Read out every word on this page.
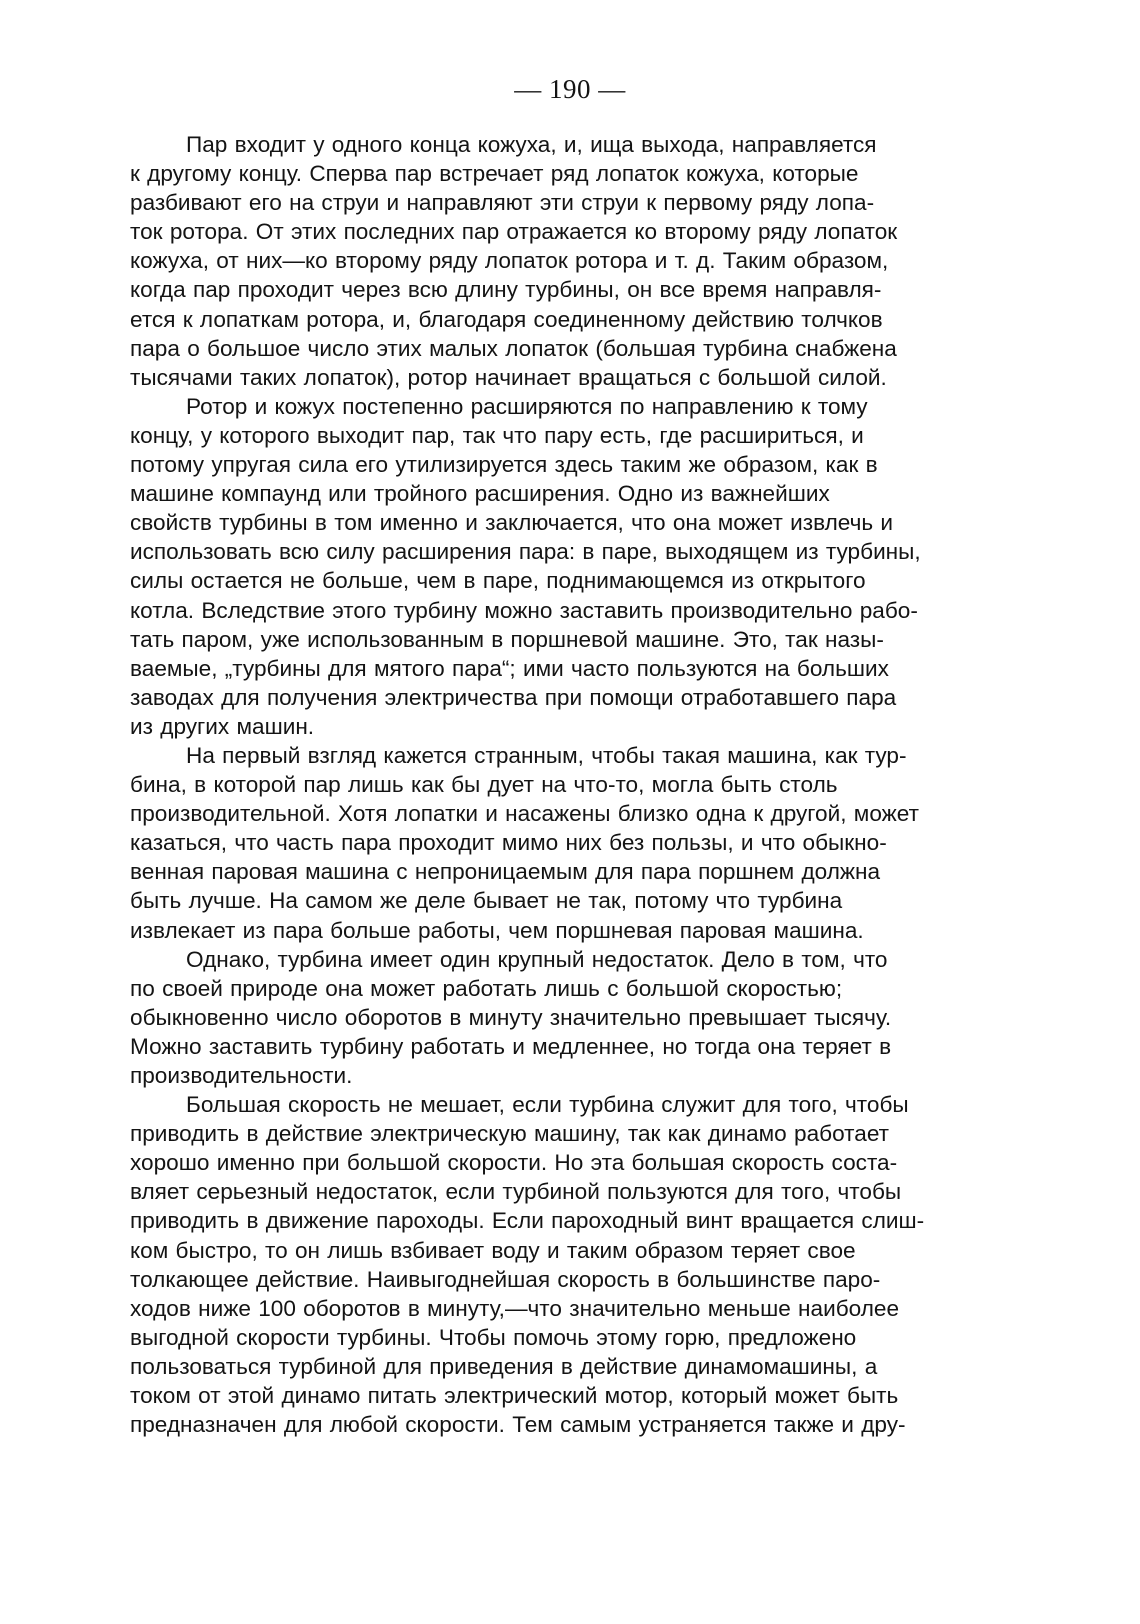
— 190 —
Пар входит у одного конца кожуха, и, ища выхода, направляется
к другому концу. Сперва пар встречает ряд лопаток кожуха, которые
разбивают его на струи и направляют эти струи к первому ряду лопа-
ток ротора. От этих последних пар отражается ко второму ряду лопаток
кожуха, от них—ко второму ряду лопаток ротора и т. д. Таким образом,
когда пар проходит через всю длину турбины, он все время направля-
ется к лопаткам ротора, и, благодаря соединенному действию толчков
пара о большое число этих малых лопаток (большая турбина снабжена
тысячами таких лопаток), ротор начинает вращаться с большой силой.
Ротор и кожух постепенно расширяются по направлению к тому
концу, у которого выходит пар, так что пару есть, где расшириться, и
потому упругая сила его утилизируется здесь таким же образом, как в
машине компаунд или тройного расширения. Одно из важнейших
свойств турбины в том именно и заключается, что она может извлечь и
использовать всю силу расширения пара: в паре, выходящем из турбины,
силы остается не больше, чем в паре, поднимающемся из открытого
котла. Вследствие этого турбину можно заставить производительно рабо-
тать паром, уже использованным в поршневой машине. Это, так назы-
ваемые, „турбины для мятого пара“; ими часто пользуются на больших
заводах для получения электричества при помощи отработавшего пара
из других машин.
На первый взгляд кажется странным, чтобы такая машина, как тур-
бина, в которой пар лишь как бы дует на что-то, могла быть столь
производительной. Хотя лопатки и насажены близко одна к другой, может
казаться, что часть пара проходит мимо них без пользы, и что обыкно-
венная паровая машина с непроницаемым для пара поршнем должна
быть лучше. На самом же деле бывает не так, потому что турбина
извлекает из пара больше работы, чем поршневая паровая машина.
Однако, турбина имеет один крупный недостаток. Дело в том, что
по своей природе она может работать лишь с большой скоростью;
обыкновенно число оборотов в минуту значительно превышает тысячу.
Можно заставить турбину работать и медленнее, но тогда она теряет в
производительности.
Большая скорость не мешает, если турбина служит для того, чтобы
приводить в действие электрическую машину, так как динамо работает
хорошо именно при большой скорости. Но эта большая скорость соста-
вляет серьезный недостаток, если турбиной пользуются для того, чтобы
приводить в движение пароходы. Если пароходный винт вращается слиш-
ком быстро, то он лишь взбивает воду и таким образом теряет свое
толкающее действие. Наивыгоднейшая скорость в большинстве паро-
ходов ниже 100 оборотов в минуту,—что значительно меньше наиболее
выгодной скорости турбины. Чтобы помочь этому горю, предложено
пользоваться турбиной для приведения в действие динамомашины, а
током от этой динамо питать электрический мотор, который может быть
предназначен для любой скорости. Тем самым устраняется также и дру-
